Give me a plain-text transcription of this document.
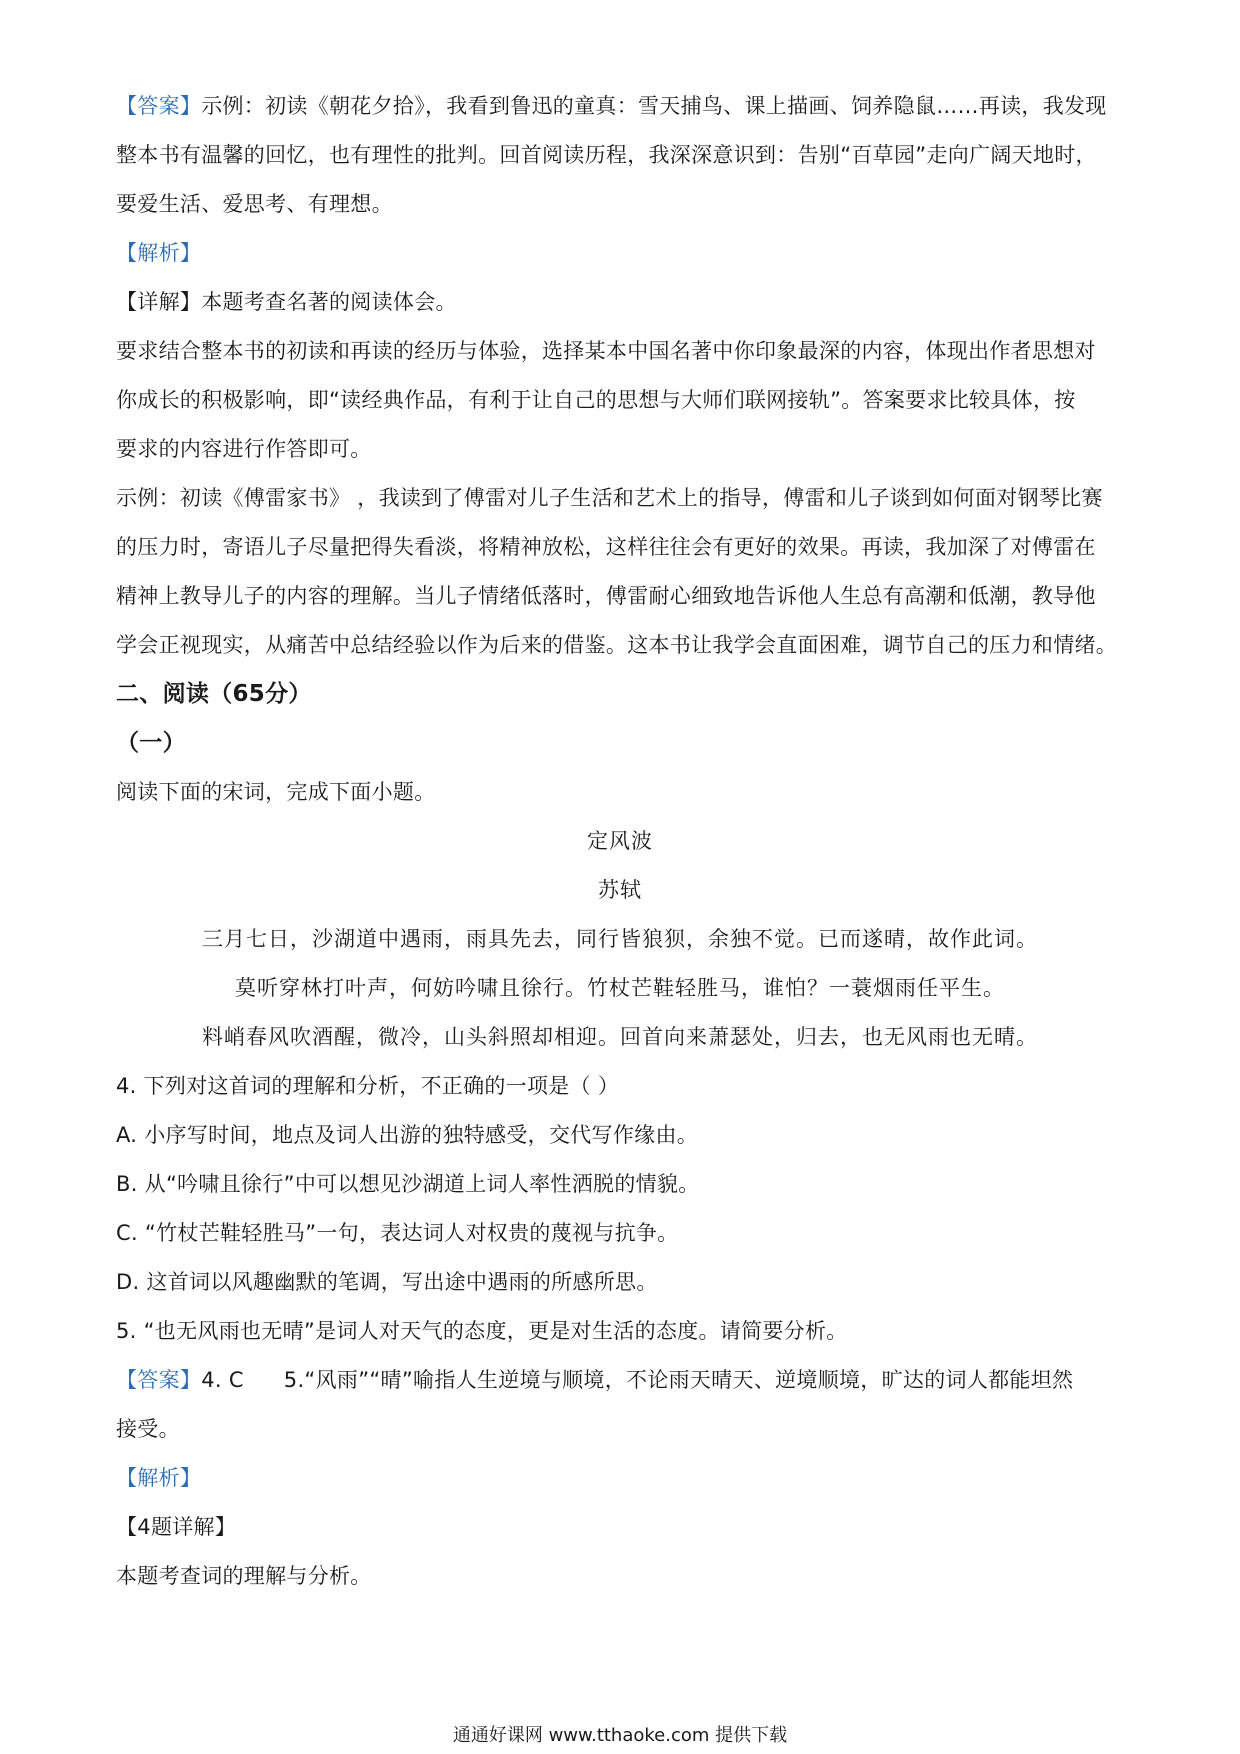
【答案】示例：初读《朝花夕拾》，我看到鲁迅的童真：雪天捕鸟、课上描画、饲养隐鼠……再读，我发现
整本书有温馨的回忆，也有理性的批判。回首阅读历程，我深深意识到：告别“百草园”走向广阔天地时，
要爱生活、爱思考、有理想。
【解析】
【详解】本题考查名著的阅读体会。
要求结合整本书的初读和再读的经历与体验，选择某本中国名著中你印象最深的内容，体现出作者思想对
你成长的积极影响，即“读经典作品，有利于让自己的思想与大师们联网接轨”。答案要求比较具体，按
要求的内容进行作答即可。
示例：初读《傅雷家书》 ，我读到了傅雷对儿子生活和艺术上的指导，傅雷和儿子谈到如何面对钢琴比赛
的压力时，寄语儿子尽量把得失看淡，将精神放松，这样往往会有更好的效果。再读，我加深了对傅雷在
精神上教导儿子的内容的理解。当儿子情绪低落时，傅雷耐心细致地告诉他人生总有高潮和低潮，教导他
学会正视现实，从痛苦中总结经验以作为后来的借鉴。这本书让我学会直面困难，调节自己的压力和情绪。
二、阅读（65分）
（一）
阅读下面的宋词，完成下面小题。
定风波
苏轼
三月七日，沙湖道中遇雨，雨具先去，同行皆狼狈，余独不觉。已而遂晴，故作此词。
莫听穿林打叶声，何妨吟啸且徐行。竹杖芒鞋轻胜马，谁怕？一蓑烟雨任平生。
料峭春风吹酒醒，微冷，山头斜照却相迎。回首向来萧瑟处，归去，也无风雨也无晴。
4. 下列对这首词的理解和分析，不正确的一项是（ ）
A. 小序写时间，地点及词人出游的独特感受，交代写作缘由。
B. 从“吟啸且徐行”中可以想见沙湖道上词人率性洒脱的情貌。
C. “竹杖芒鞋轻胜马”一句，表达词人对权贵的蔑视与抗争。
D. 这首词以风趣幽默的笔调，写出途中遇雨的所感所思。
5. “也无风雨也无晴”是词人对天气的态度，更是对生活的态度。请简要分析。
【答案】4. C 5.“风雨”“晴”喻指人生逆境与顺境，不论雨天晴天、逆境顺境，旷达的词人都能坦然
接受。
【解析】
【4题详解】
本题考查词的理解与分析。
通通好课网 www.tthaoke.com 提供下载
